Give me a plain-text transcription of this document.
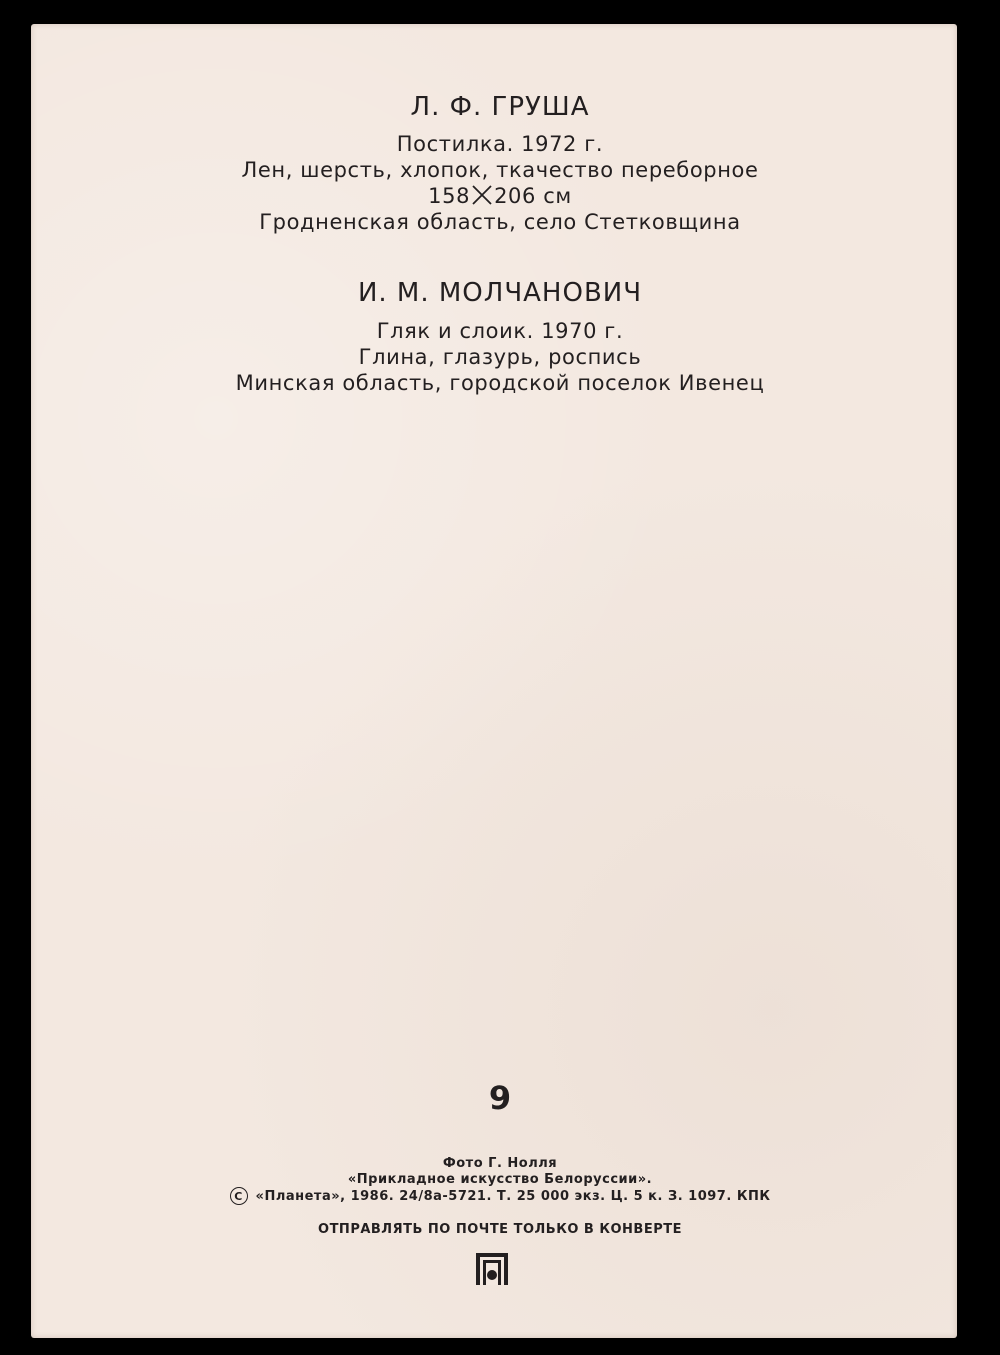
Л. Ф. ГРУША
Постилка. 1972 г.
Лен, шерсть, хлопок, ткачество переборное
158 206 см
Гродненская область, село Стетковщина
И. М. МОЛЧАНОВИЧ
Гляк и слоик. 1970 г.
Глина, глазурь, роспись
Минская область, городской поселок Ивенец
9
Фото Г. Нолля
«Прикладное искусство Белоруссии».
C «Планета», 1986. 24/8а-5721. Т. 25 000 экз. Ц. 5 к. З. 1097. КПК
ОТПРАВЛЯТЬ ПО ПОЧТЕ ТОЛЬКО В КОНВЕРТЕ
